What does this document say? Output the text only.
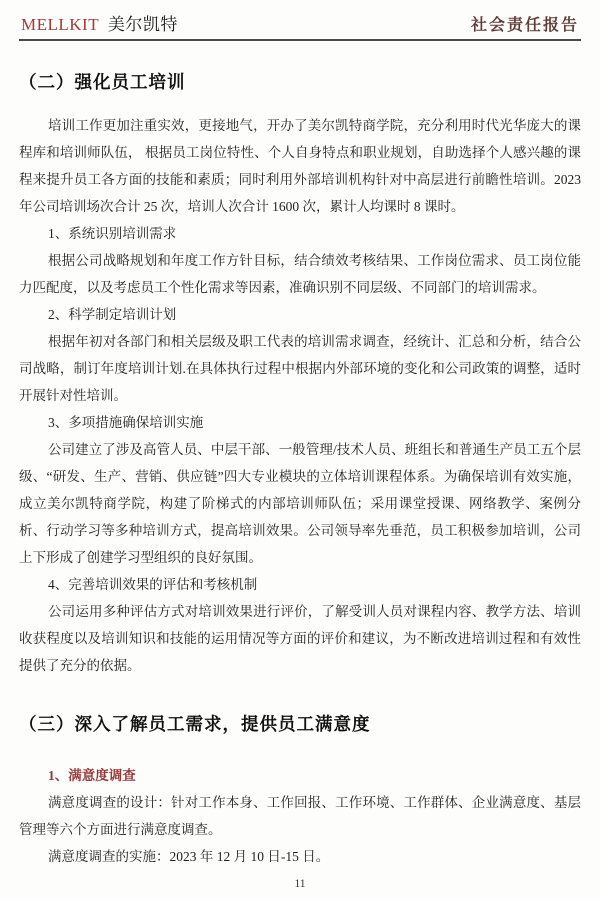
MELLKIT 美尔凯特	社会责任报告
（二）强化员工培训

培训工作更加注重实效，更接地气，开办了美尔凯特商学院，充分利用时代光华庞大的课程库和培训师队伍， 根据员工岗位特性、个人自身特点和职业规划，自助选择个人感兴趣的课程来提升员工各方面的技能和素质；同时利用外部培训机构针对中高层进行前瞻性培训。2023 年公司培训场次合计 25 次，培训人次合计 1600 次，累计人均课时 8 课时。

1、系统识别培训需求

根据公司战略规划和年度工作方针目标，结合绩效考核结果、工作岗位需求、员工岗位能力匹配度，以及考虑员工个性化需求等因素，准确识别不同层级、不同部门的培训需求。

2、科学制定培训计划

根据年初对各部门和相关层级及职工代表的培训需求调查，经统计、汇总和分析，结合公司战略，制订年度培训计划.在具体执行过程中根据内外部环境的变化和公司政策的调整，适时开展针对性培训。

3、多项措施确保培训实施

公司建立了涉及高管人员、中层干部、一般管理/技术人员、班组长和普通生产员工五个层级、“研发、生产、营销、供应链”四大专业模块的立体培训课程体系。为确保培训有效实施，成立美尔凯特商学院，构建了阶梯式的内部培训师队伍；采用课堂授课、网络教学、案例分析、行动学习等多种培训方式，提高培训效果。公司领导率先垂范，员工积极参加培训，公司上下形成了创建学习型组织的良好氛围。

4、完善培训效果的评估和考核机制

公司运用多种评估方式对培训效果进行评价，了解受训人员对课程内容、教学方法、培训收获程度以及培训知识和技能的运用情况等方面的评价和建议，为不断改进培训过程和有效性提供了充分的依据。

（三）深入了解员工需求，提供员工满意度

1、满意度调查

满意度调查的设计：针对工作本身、工作回报、工作环境、工作群体、企业满意度、基层管理等六个方面进行满意度调查。

满意度调查的实施：2023 年 12 月 10 日-15 日。

11
